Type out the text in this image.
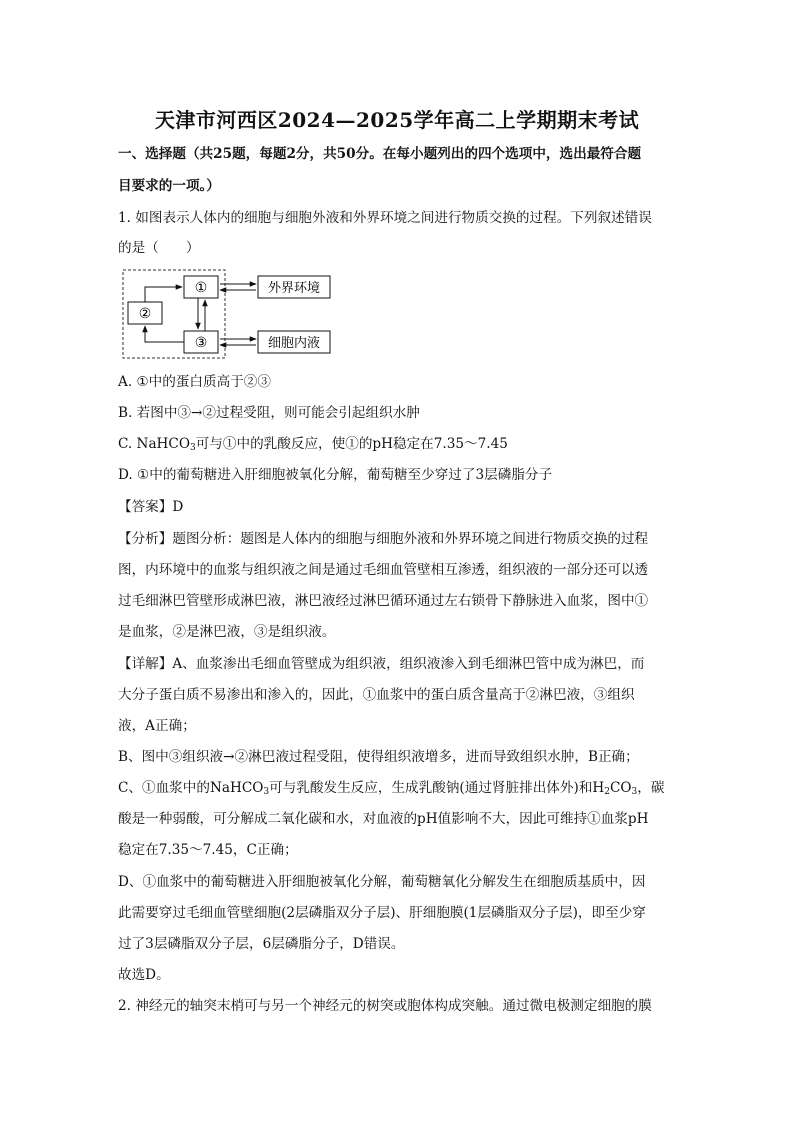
天津市河西区2024—2025学年高二上学期期末考试
一、选择题（共25题，每题2分，共50分。在每小题列出的四个选项中，选出最符合题
目要求的一项。）
1. 如图表示人体内的细胞与细胞外液和外界环境之间进行物质交换的过程。下列叙述错误
的是（　　）
①
②
③
外界环境
细胞内液
A. ①中的蛋白质高于②③
B. 若图中③→②过程受阻，则可能会引起组织水肿
C. NaHCO$_3$可与①中的乳酸反应，使①的pH稳定在7.35～7.45
D. ①中的葡萄糖进入肝细胞被氧化分解，葡萄糖至少穿过了3层磷脂分子
【答案】D
【分析】题图分析：题图是人体内的细胞与细胞外液和外界环境之间进行物质交换的过程
图，内环境中的血浆与组织液之间是通过毛细血管壁相互渗透，组织液的一部分还可以透
过毛细淋巴管壁形成淋巴液，淋巴液经过淋巴循环通过左右锁骨下静脉进入血浆，图中①
是血浆，②是淋巴液，③是组织液。
【详解】A、血浆渗出毛细血管壁成为组织液，组织液渗入到毛细淋巴管中成为淋巴，而
大分子蛋白质不易渗出和渗入的，因此，①血浆中的蛋白质含量高于②淋巴液，③组织
液，A正确；
B、图中③组织液→②淋巴液过程受阻，使得组织液增多，进而导致组织水肿，B正确；
C、①血浆中的NaHCO$_3$可与乳酸发生反应，生成乳酸钠(通过肾脏排出体外)和$H_2CO_3$，碳
酸是一种弱酸，可分解成二氧化碳和水，对血液的pH值影响不大，因此可维持①血浆pH
稳定在7.35～7.45，C正确；
D、①血浆中的葡萄糖进入肝细胞被氧化分解，葡萄糖氧化分解发生在细胞质基质中，因
此需要穿过毛细血管壁细胞(2层磷脂双分子层)、肝细胞膜(1层磷脂双分子层)，即至少穿
过了3层磷脂双分子层，6层磷脂分子，D错误。
故选D。
2. 神经元的轴突末梢可与另一个神经元的树突或胞体构成突触。通过微电极测定细胞的膜
